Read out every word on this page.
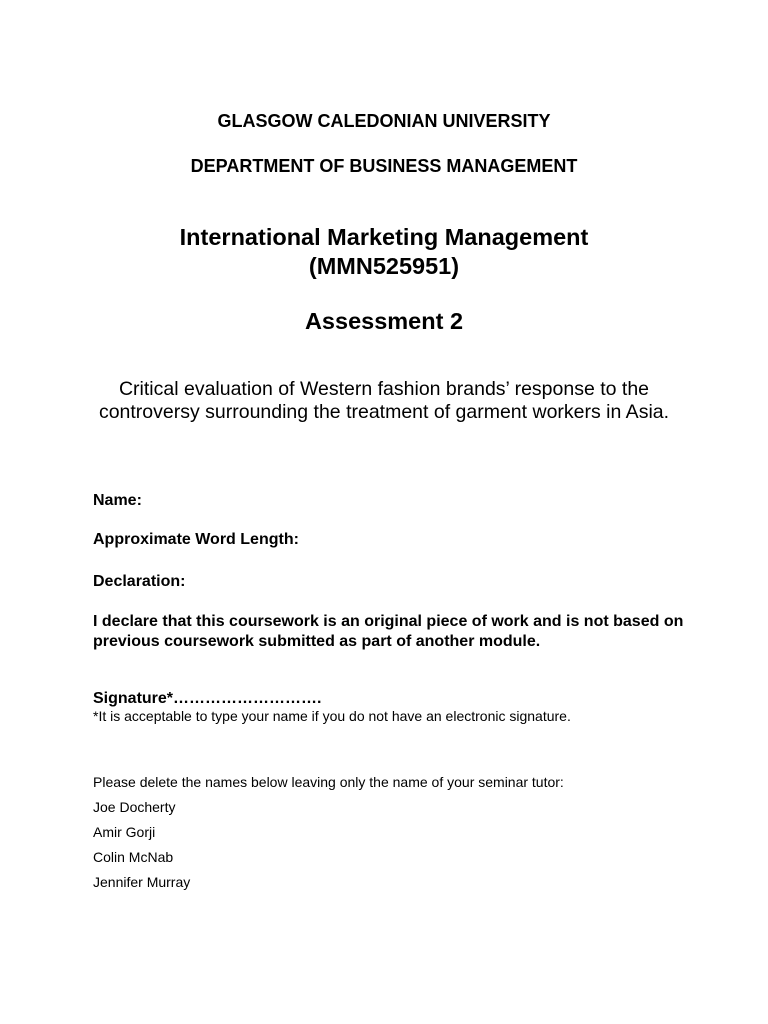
GLASGOW CALEDONIAN UNIVERSITY

DEPARTMENT OF BUSINESS MANAGEMENT

International Marketing Management

(MMN525951)

Assessment 2

Critical evaluation of Western fashion brands’ response to the controversy surrounding the treatment of garment workers in Asia.

Name:

Approximate Word Length:

Declaration:

I declare that this coursework is an original piece of work and is not based on previous coursework submitted as part of another module.

Signature*……………………….

*It is acceptable to type your name if you do not have an electronic signature.

Please delete the names below leaving only the name of your seminar tutor:

Joe Docherty

Amir Gorji

Colin McNab

Jennifer Murray
